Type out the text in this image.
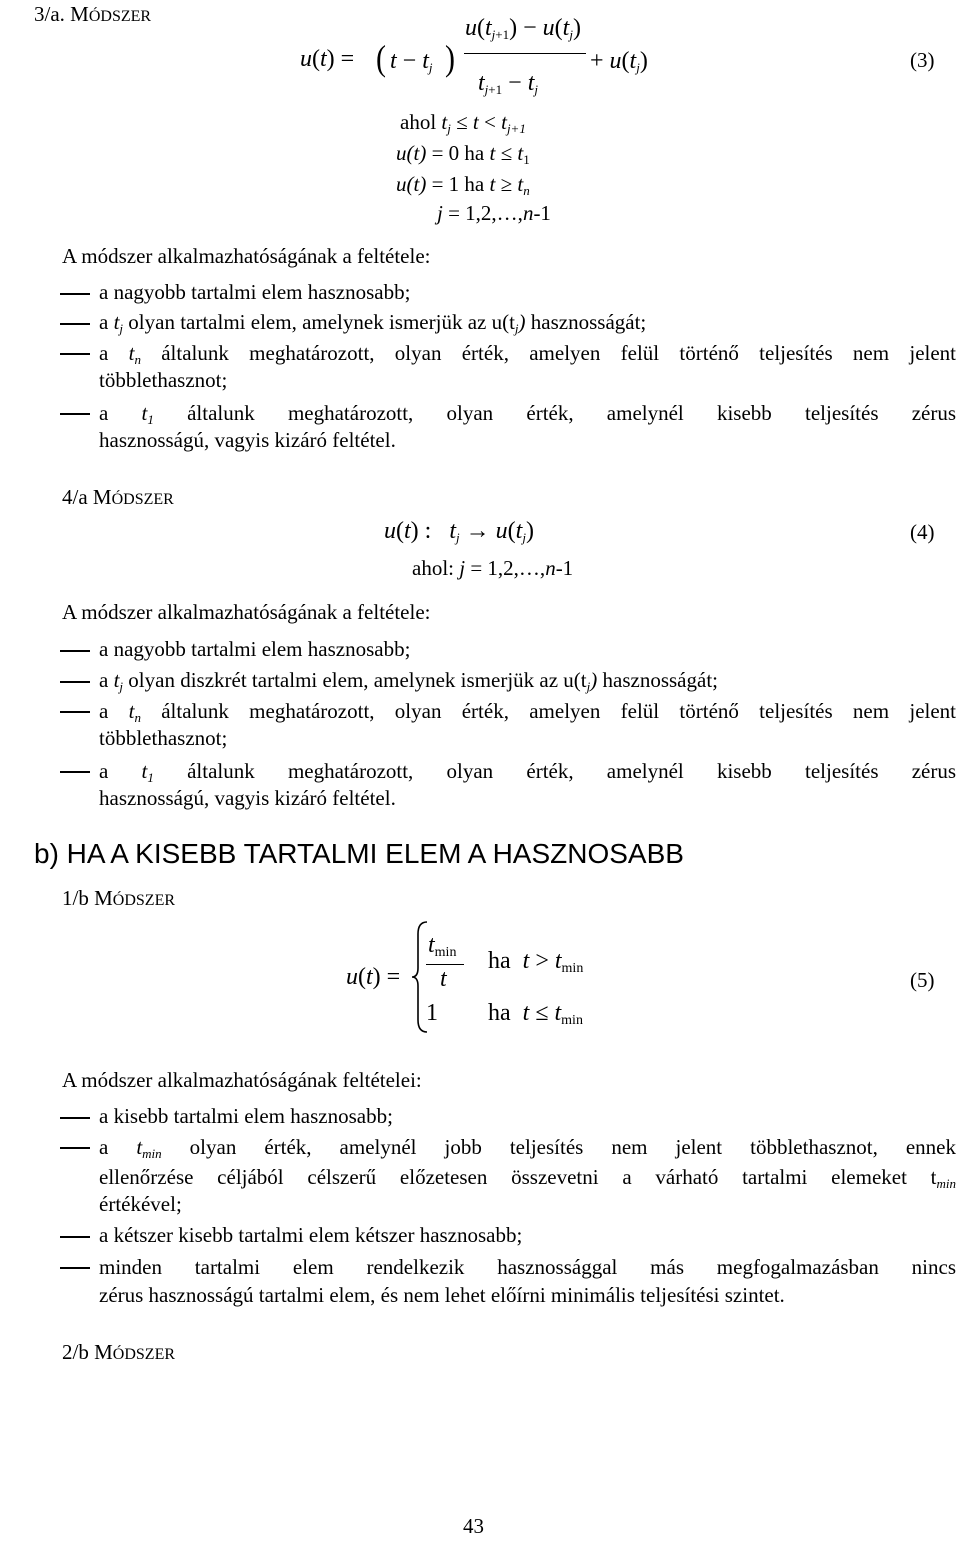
3/a. MÓDSZER
u(t) = ( $t - t_j$ )
$u(t_{j+1}) - u(t_j)$
$t_{j+1} - t_j$
+ $u(t_j)$	(3)
ahol $t_j \le t < t_{j+1}$
u(t) = 0 ha $t \le t_1$
u(t) = 1 ha $t \ge t_n$
j = 1,2,…,n-1
A módszer alkalmazhatóságának a feltétele:
a nagyobb tartalmi elem hasznosabb;
a $t_j$ olyan tartalmi elem, amelynek ismerjük az $u(t_j)$ hasznosságát;
a $t_n$ általunk meghatározott, olyan érték, amelyen felül történő teljesítés nem jelent
többlethasznot;
a $t_1$ általunk meghatározott, olyan érték, amelynél kisebb teljesítés zérus
hasznosságú, vagyis kizáró feltétel.
4/a MÓDSZER
u(t) :   $t_j \to u(t_j)$	(4)
ahol: j = 1,2,…,n-1
A módszer alkalmazhatóságának a feltétele:
a nagyobb tartalmi elem hasznosabb;
a $t_j$ olyan diszkrét tartalmi elem, amelynek ismerjük az $u(t_j)$ hasznosságát;
a $t_n$ általunk meghatározott, olyan érték, amelyen felül történő teljesítés nem jelent
többlethasznot;
a $t_1$ általunk meghatározott, olyan érték, amelynél kisebb teljesítés zérus
hasznosságú, vagyis kizáró feltétel.
b) HA A KISEBB TARTALMI ELEM A HASZNOSABB
1/b MÓDSZER
u(t) =
$t_{min}$
t
ha  $t > t_{min}$
1 ha  $t \le t_{min}$
(5)
A módszer alkalmazhatóságának feltételei:
a kisebb tartalmi elem hasznosabb;
a $t_{min}$ olyan érték, amelynél jobb teljesítés nem jelent többlethasznot, ennek
ellenőrzése céljából célszerű előzetesen összevetni a várható tartalmi elemeket $t_{min}$
értékével;
a kétszer kisebb tartalmi elem kétszer hasznosabb;
minden tartalmi elem rendelkezik hasznossággal más megfogalmazásban nincs
zérus hasznosságú tartalmi elem, és nem lehet előírni minimális teljesítési szintet.
2/b MÓDSZER
43
